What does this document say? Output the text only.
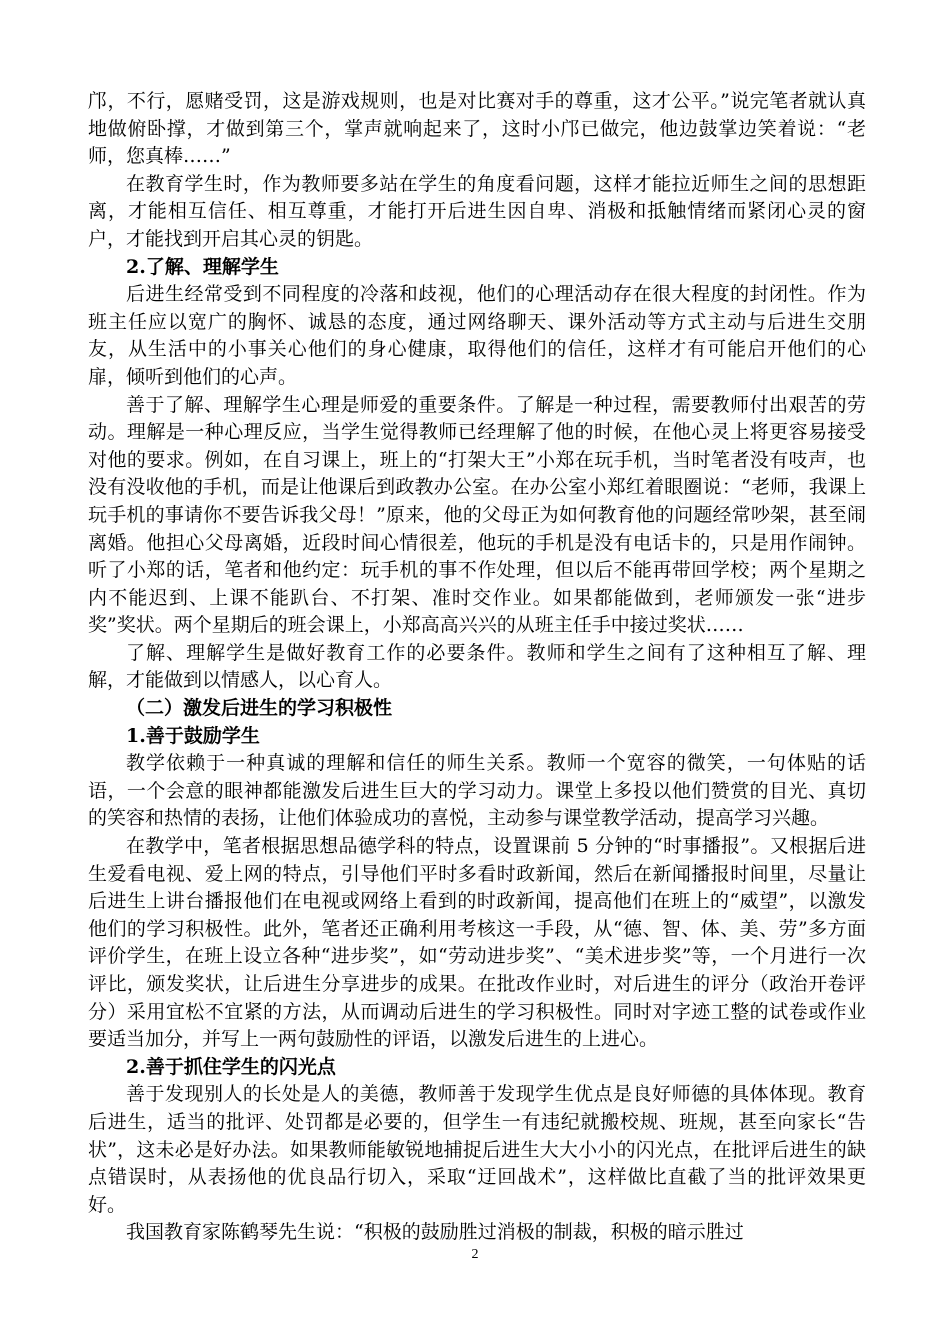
邝，不行，愿赌受罚，这是游戏规则，也是对比赛对手的尊重，这才公平。”说完笔者就认真地做俯卧撑，才做到第三个，掌声就响起来了，这时小邝已做完，他边鼓掌边笑着说：“老师，您真棒……”

在教育学生时，作为教师要多站在学生的角度看问题，这样才能拉近师生之间的思想距离，才能相互信任、相互尊重，才能打开后进生因自卑、消极和抵触情绪而紧闭心灵的窗户，才能找到开启其心灵的钥匙。

2.了解、理解学生

后进生经常受到不同程度的冷落和歧视，他们的心理活动存在很大程度的封闭性。作为班主任应以宽广的胸怀、诚恳的态度，通过网络聊天、课外活动等方式主动与后进生交朋友，从生活中的小事关心他们的身心健康，取得他们的信任，这样才有可能启开他们的心扉，倾听到他们的心声。

善于了解、理解学生心理是师爱的重要条件。了解是一种过程，需要教师付出艰苦的劳动。理解是一种心理反应，当学生觉得教师已经理解了他的时候，在他心灵上将更容易接受对他的要求。例如，在自习课上，班上的“打架大王”小郑在玩手机，当时笔者没有吱声，也没有没收他的手机，而是让他课后到政教办公室。在办公室小郑红着眼圈说：“老师，我课上玩手机的事请你不要告诉我父母！”原来，他的父母正为如何教育他的问题经常吵架，甚至闹离婚。他担心父母离婚，近段时间心情很差，他玩的手机是没有电话卡的，只是用作闹钟。听了小郑的话，笔者和他约定：玩手机的事不作处理，但以后不能再带回学校；两个星期之内不能迟到、上课不能趴台、不打架、准时交作业。如果都能做到，老师颁发一张“进步奖”奖状。两个星期后的班会课上，小郑高高兴兴的从班主任手中接过奖状……

了解、理解学生是做好教育工作的必要条件。教师和学生之间有了这种相互了解、理解，才能做到以情感人，以心育人。

（二）激发后进生的学习积极性

1.善于鼓励学生

教学依赖于一种真诚的理解和信任的师生关系。教师一个宽容的微笑，一句体贴的话语，一个会意的眼神都能激发后进生巨大的学习动力。课堂上多投以他们赞赏的目光、真切的笑容和热情的表扬，让他们体验成功的喜悦，主动参与课堂教学活动，提高学习兴趣。

在教学中，笔者根据思想品德学科的特点，设置课前 5 分钟的“时事播报”。又根据后进生爱看电视、爱上网的特点，引导他们平时多看时政新闻，然后在新闻播报时间里，尽量让后进生上讲台播报他们在电视或网络上看到的时政新闻，提高他们在班上的“威望”，以激发他们的学习积极性。此外，笔者还正确利用考核这一手段，从“德、智、体、美、劳”多方面评价学生，在班上设立各种“进步奖”，如“劳动进步奖”、“美术进步奖”等，一个月进行一次评比，颁发奖状，让后进生分享进步的成果。在批改作业时，对后进生的评分（政治开卷评分）采用宜松不宜紧的方法，从而调动后进生的学习积极性。同时对字迹工整的试卷或作业要适当加分，并写上一两句鼓励性的评语，以激发后进生的上进心。

2.善于抓住学生的闪光点

善于发现别人的长处是人的美德，教师善于发现学生优点是良好师德的具体体现。教育后进生，适当的批评、处罚都是必要的，但学生一有违纪就搬校规、班规，甚至向家长“告状”，这未必是好办法。如果教师能敏锐地捕捉后进生大大小小的闪光点，在批评后进生的缺点错误时，从表扬他的优良品行切入，采取“迂回战术”，这样做比直截了当的批评效果更好。

我国教育家陈鹤琴先生说：“积极的鼓励胜过消极的制裁，积极的暗示胜过

2
